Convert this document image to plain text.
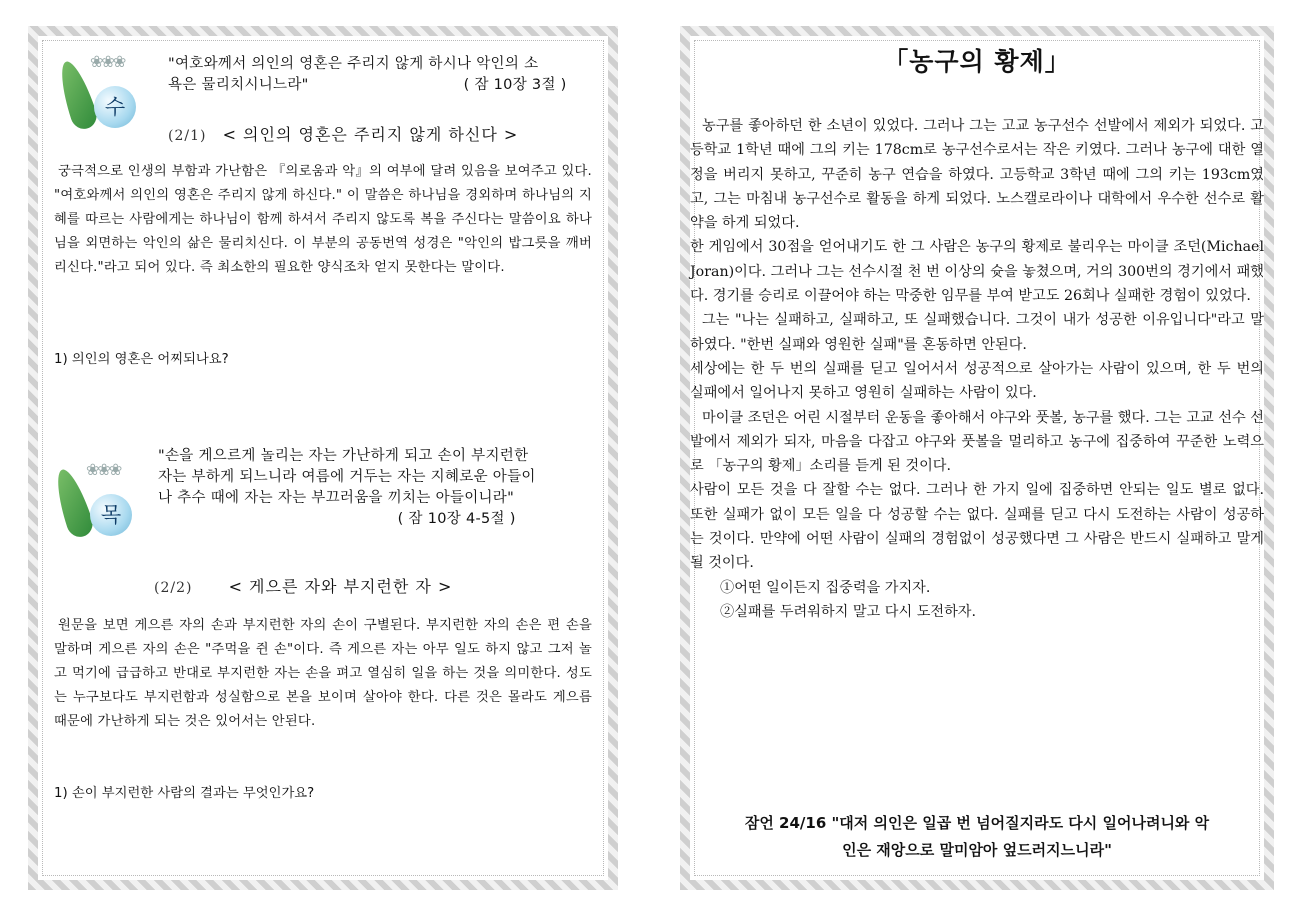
❀❀❀
수
"여호와께서 의인의 영혼은 주리지 않게 하시나 악인의 소
욕은 물리치시니느라"	( 잠 10장 3절 )
(2/1) < 의인의 영혼은 주리지 않게 하신다 >
궁극적으로 인생의 부함과 가난함은 『의로움과 악』의 여부에 달려 있음을 보여주고 있다. "여호와께서 의인의 영혼은 주리지 않게 하신다." 이 말씀은 하나님을 경외하며 하나님의 지혜를 따르는 사람에게는 하나님이 함께 하셔서 주리지 않도록 복을 주신다는 말씀이요 하나님을 외면하는 악인의 삶은 물리치신다. 이 부분의 공동번역 성경은 "악인의 밥그릇을 깨버리신다."라고 되어 있다. 즉 최소한의 필요한 양식조차 얻지 못한다는 말이다.
1) 의인의 영혼은 어찌되나요?
❀❀❀
목
"손을 게으르게 놀리는 자는 가난하게 되고 손이 부지런한
자는 부하게 되느니라 여름에 거두는 자는 지혜로운 아들이
나 추수 때에 자는 자는 부끄러움을 끼치는 아들이니라"
( 잠 10장 4-5절 )
(2/2) < 게으른 자와 부지런한 자 >
원문을 보면 게으른 자의 손과 부지런한 자의 손이 구별된다. 부지런한 자의 손은 편 손을 말하며 게으른 자의 손은 "주먹을 쥔 손"이다. 즉 게으른 자는 아무 일도 하지 않고 그저 놀고 먹기에 급급하고 반대로 부지런한 자는 손을 펴고 열심히 일을 하는 것을 의미한다. 성도는 누구보다도 부지런함과 성실함으로 본을 보이며 살아야 한다. 다른 것은 몰라도 게으름 때문에 가난하게 되는 것은 있어서는 안된다.
1) 손이 부지런한 사람의 결과는 무엇인가요?
「농구의 황제」

농구를 좋아하던 한 소년이 있었다. 그러나 그는 고교 농구선수 선발에서 제외가 되었다. 고등학교 1학년 때에 그의 키는 178cm로 농구선수로서는 작은 키였다. 그러나 농구에 대한 열정을 버리지 못하고, 꾸준히 농구 연습을 하였다. 고등학교 3학년 때에 그의 키는 193cm였고, 그는 마침내 농구선수로 활동을 하게 되었다. 노스캘로라이나 대학에서 우수한 선수로 활약을 하게 되었다.

한 게임에서 30점을 얻어내기도 한 그 사람은 농구의 황제로 불리우는 마이클 조던(Michael Joran)이다. 그러나 그는 선수시절 천 번 이상의 슛을 놓쳤으며, 거의 300번의 경기에서 패했다. 경기를 승리로 이끌어야 하는 막중한 임무를 부여 받고도 26회나 실패한 경험이 있었다.

그는 "나는 실패하고, 실패하고, 또 실패했습니다. 그것이 내가 성공한 이유입니다"라고 말하였다. "한번 실패와 영원한 실패"를 혼동하면 안된다.

세상에는 한 두 번의 실패를 딛고 일어서서 성공적으로 살아가는 사람이 있으며, 한 두 번의 실패에서 일어나지 못하고 영원히 실패하는 사람이 있다.

마이클 조던은 어린 시절부터 운동을 좋아해서 야구와 풋볼, 농구를 했다. 그는 고교 선수 선발에서 제외가 되자, 마음을 다잡고 야구와 풋볼을 멀리하고 농구에 집중하여 꾸준한 노력으로 「농구의 황제」소리를 듣게 된 것이다.

사람이 모든 것을 다 잘할 수는 없다. 그러나 한 가지 일에 집중하면 안되는 일도 별로 없다. 또한 실패가 없이 모든 일을 다 성공할 수는 없다. 실패를 딛고 다시 도전하는 사람이 성공하는 것이다. 만약에 어떤 사람이 실패의 경험없이 성공했다면 그 사람은 반드시 실패하고 말게 될 것이다.

①어떤 일이든지 집중력을 가지자.

②실패를 두려워하지 말고 다시 도전하자.

잠언 24/16 "대저 의인은 일곱 번 넘어질지라도 다시 일어나려니와 악
인은 재앙으로 말미암아 엎드러지느니라"
